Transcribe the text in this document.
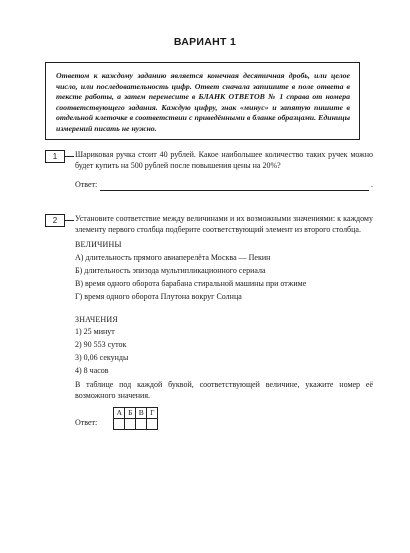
ВАРИАНТ 1
Ответом к каждому заданию является конечная десятичная дробь, или целое число, или последовательность цифр. Ответ сначала запишите в поле ответа в тексте работы, а затем перенесите в БЛАНК ОТВЕТОВ № 1 справа от номера соответствующего задания. Каждую цифру, знак «минус» и запятую пишите в отдельной клеточке в соответствии с приведёнными в бланке образцами. Единицы измерений писать не нужно.
1	Шариковая ручка стоит 40 рублей. Какое наибольшее количество таких ручек можно будет купить на 500 рублей после повышения цены на 20%?

Ответ:	.
2	Установите соответствие между величинами и их возможными значениями: к каждому элементу первого столбца подберите соответствующий элемент из второго столбца.

ВЕЛИЧИНЫ

А) длительность прямого авиаперелёта Москва — Пекин

Б) длительность эпизода мультипликационного сериала

В) время одного оборота барабана стиральной машины при отжиме

Г) время одного оборота Плутона вокруг Солнца

ЗНАЧЕНИЯ

1) 25 минут

2) 90 553 суток

3) 0,06 секунды

4) 8 часов

В таблице под каждой буквой, соответствующей величине, укажите номер её возможного значения.

Ответ:
А	Б	В	Г
